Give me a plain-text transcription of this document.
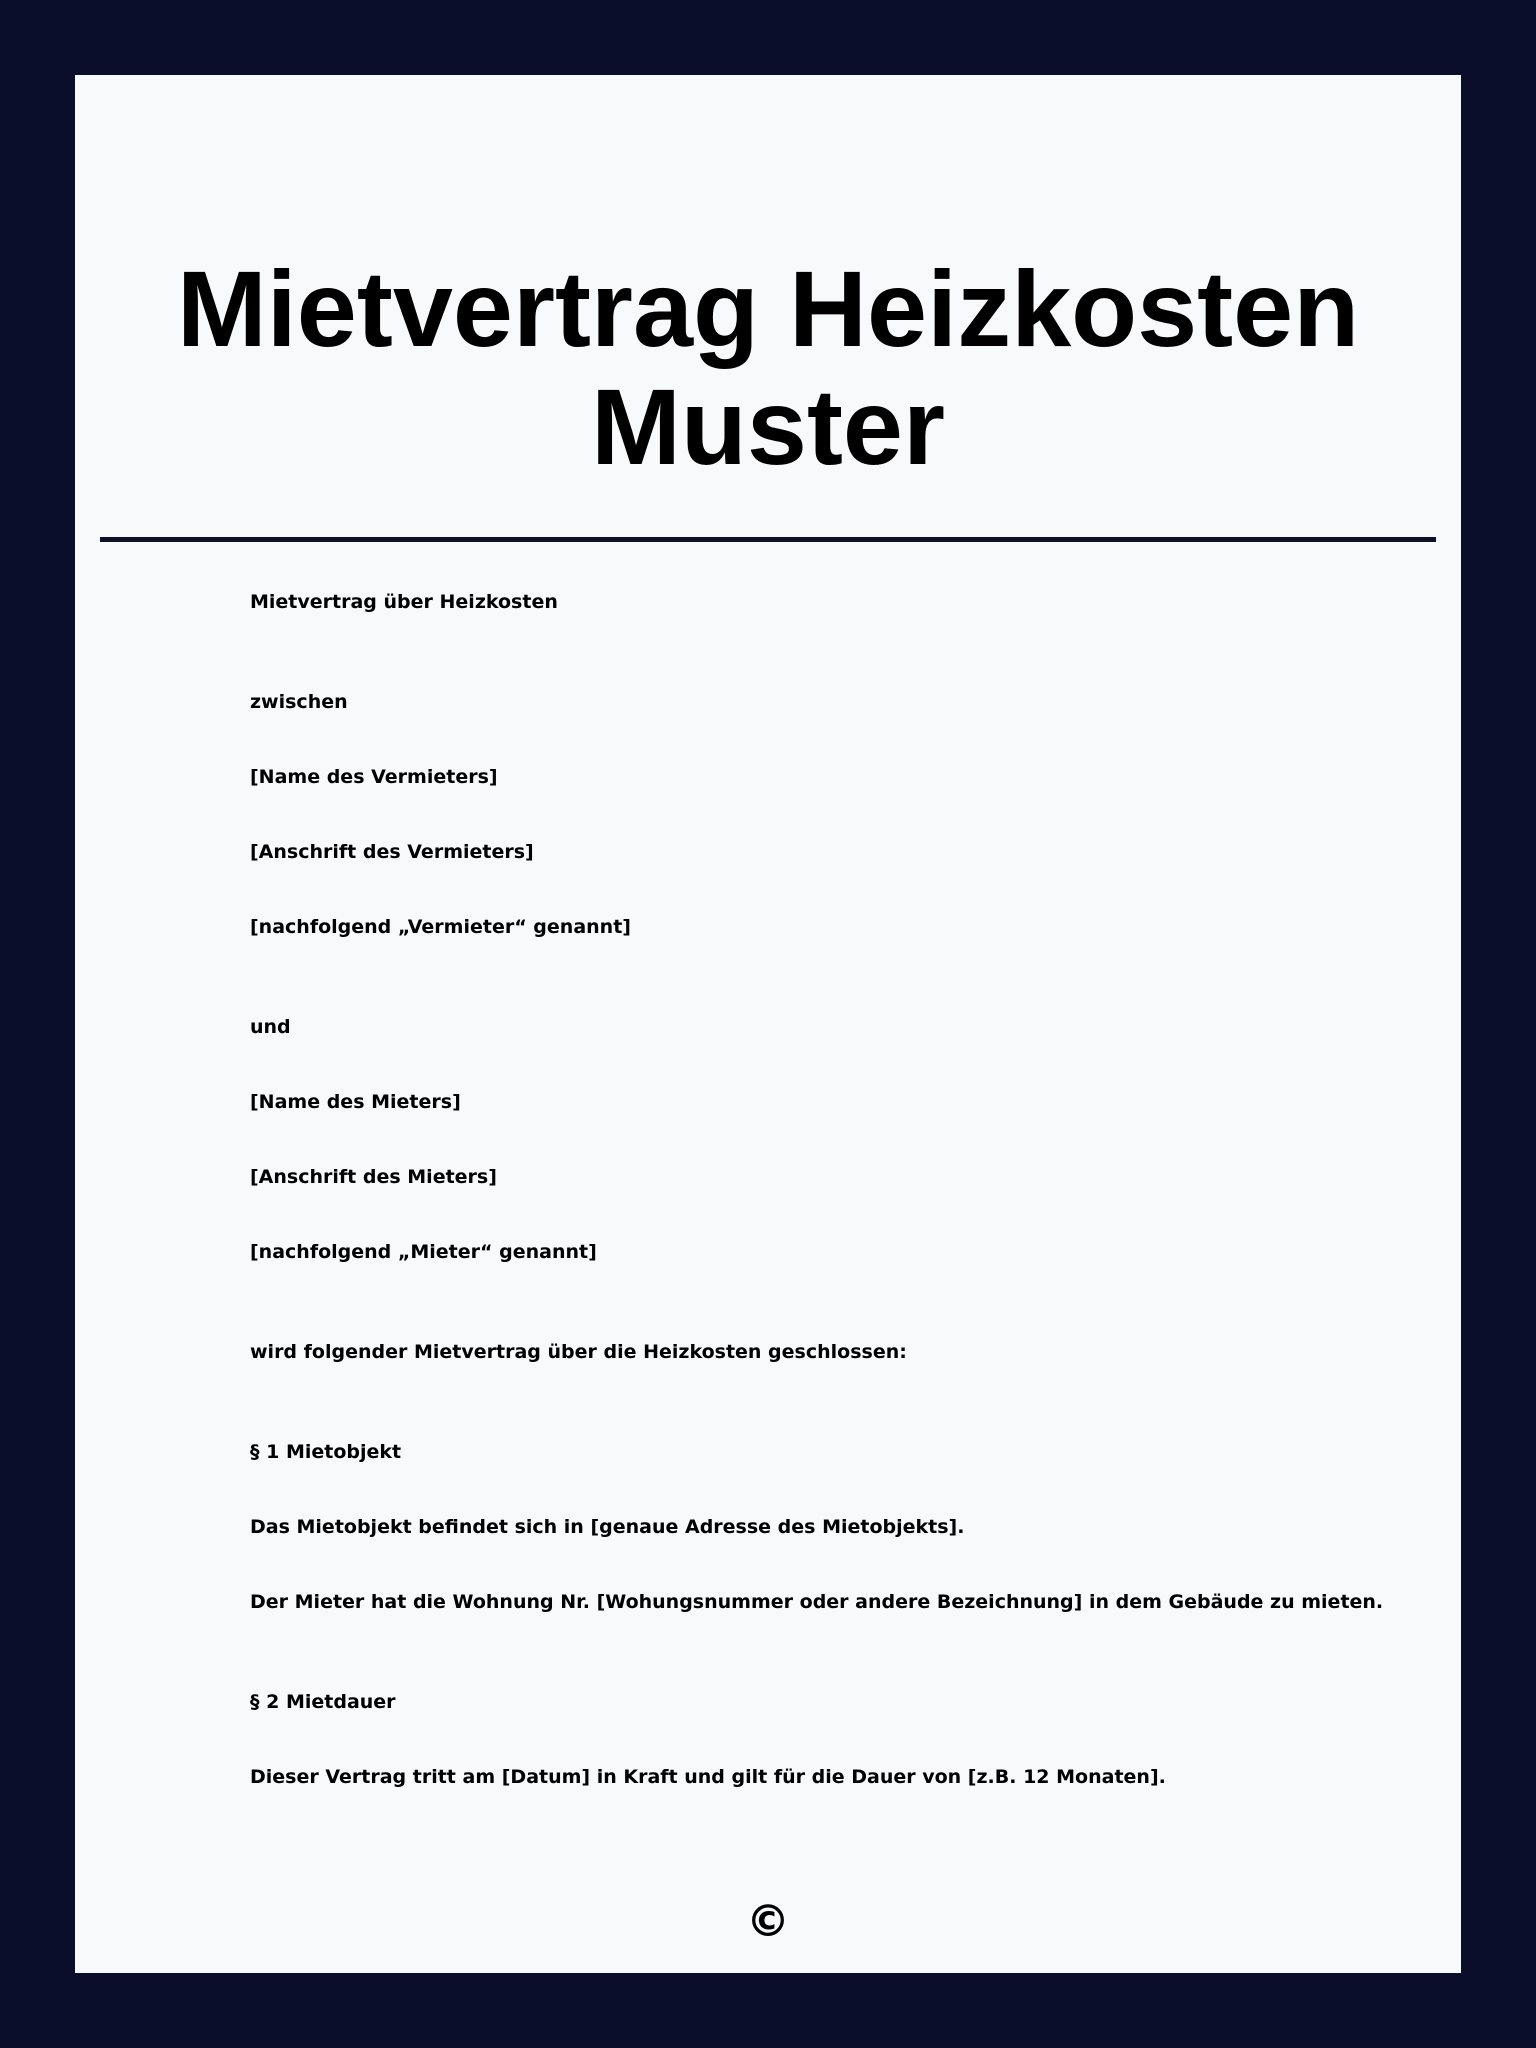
Mietvertrag Heizkosten Muster

Mietvertrag über Heizkosten

zwischen

[Name des Vermieters]

[Anschrift des Vermieters]

[nachfolgend „Vermieter“ genannt]

und

[Name des Mieters]

[Anschrift des Mieters]

[nachfolgend „Mieter“ genannt]

wird folgender Mietvertrag über die Heizkosten geschlossen:

§ 1 Mietobjekt

Das Mietobjekt befindet sich in [genaue Adresse des Mietobjekts].

Der Mieter hat die Wohnung Nr. [Wohungsnummer oder andere Bezeichnung] in dem Gebäude zu mieten.

§ 2 Mietdauer

Dieser Vertrag tritt am [Datum] in Kraft und gilt für die Dauer von [z.B. 12 Monaten].

©
